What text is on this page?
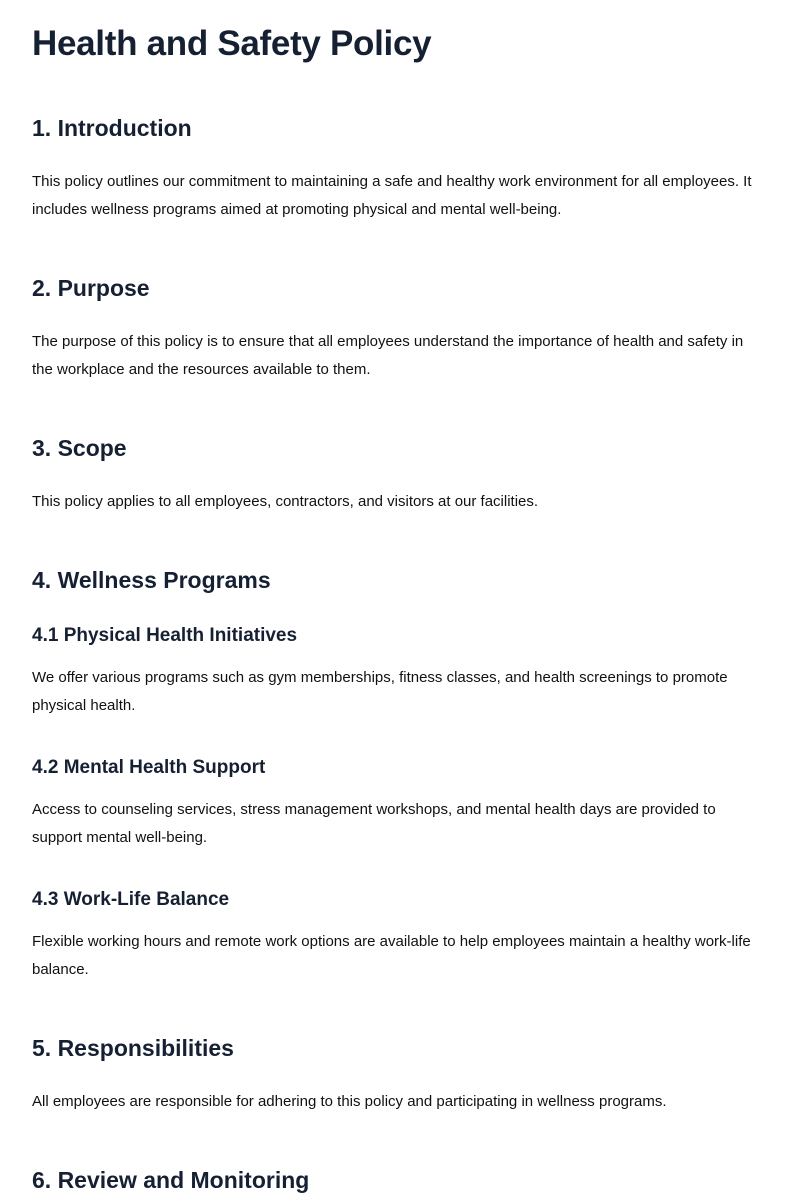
Health and Safety Policy
1. Introduction

This policy outlines our commitment to maintaining a safe and healthy work environment for all employees. It includes wellness programs aimed at promoting physical and mental well-being.

2. Purpose

The purpose of this policy is to ensure that all employees understand the importance of health and safety in the workplace and the resources available to them.

3. Scope

This policy applies to all employees, contractors, and visitors at our facilities.

4. Wellness Programs
4.1 Physical Health Initiatives

We offer various programs such as gym memberships, fitness classes, and health screenings to promote physical health.

4.2 Mental Health Support

Access to counseling services, stress management workshops, and mental health days are provided to support mental well-being.

4.3 Work-Life Balance

Flexible working hours and remote work options are available to help employees maintain a healthy work-life balance.

5. Responsibilities

All employees are responsible for adhering to this policy and participating in wellness programs.

6. Review and Monitoring
